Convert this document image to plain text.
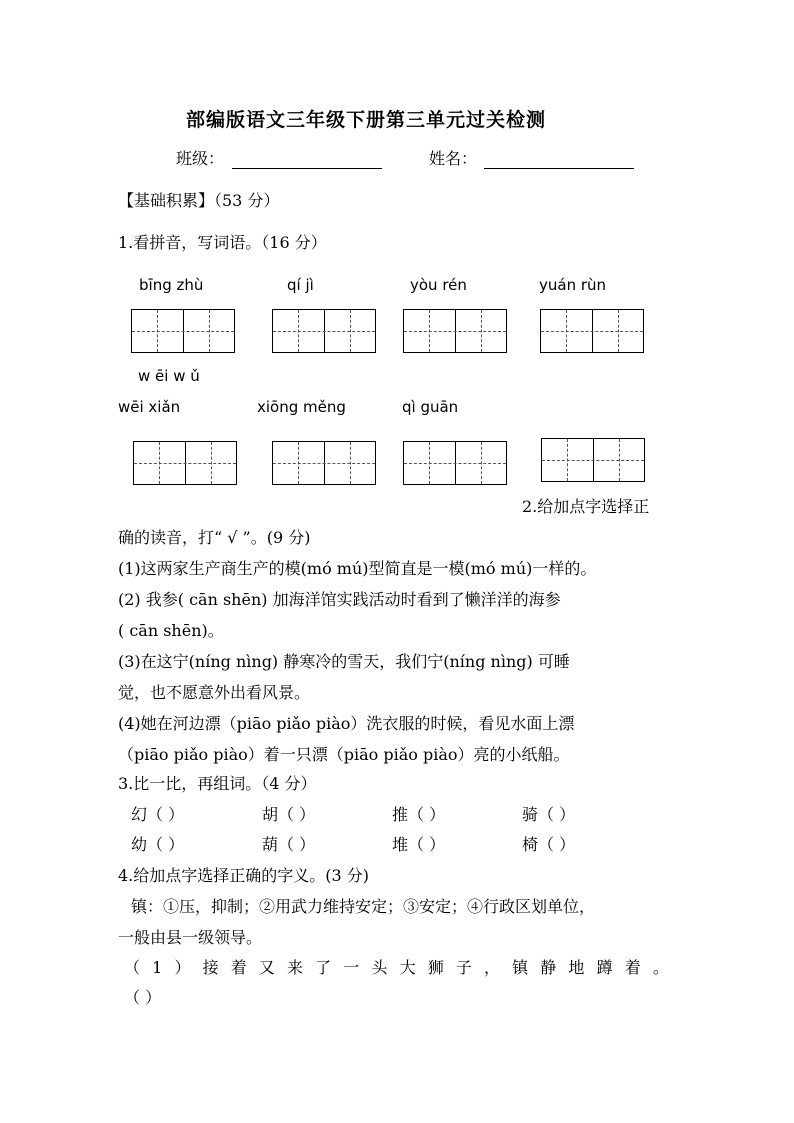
部编版语文三年级下册第三单元过关检测
班级：	姓名：
【基础积累】（53 分）
1.看拼音，写词语。（16 分）
bīng zhù	qí jì	yòu rén	yuán rùn
w ēi w ǔ
wēi xiǎn	xiōng měng	qì guān
2.给加点字选择正
确的读音，打“ √ ”。(9 分)
(1)这两家生产商生产的模(mó mú)型简直是一模(mó mú)一样的。
(2) 我参( cān shēn) 加海洋馆实践活动时看到了懒洋洋的海参
( cān shēn)。
(3)在这宁(níng nìng) 静寒冷的雪天，我们宁(níng nìng) 可睡
觉，也不愿意外出看风景。
(4)她在河边漂（piāo piǎo piào）洗衣服的时候，看见水面上漂
（piāo piǎo piào）着一只漂（piāo piǎo piào）亮的小纸船。
3.比一比，再组词。（4 分）
幻（ ）	胡（ ）	推（ ）	骑（ ）
幼（ ）	葫（ ）	堆（ ）	椅（ ）
4.给加点字选择正确的字义。(3 分)
镇：①压，抑制；②用武力维持安定；③安定；④行政区划单位，
一般由县一级领导。
（ 1 ） 接 着 又 来 了 一 头 大 狮 子 ， 镇 静 地 蹲 着 。
（ ）
